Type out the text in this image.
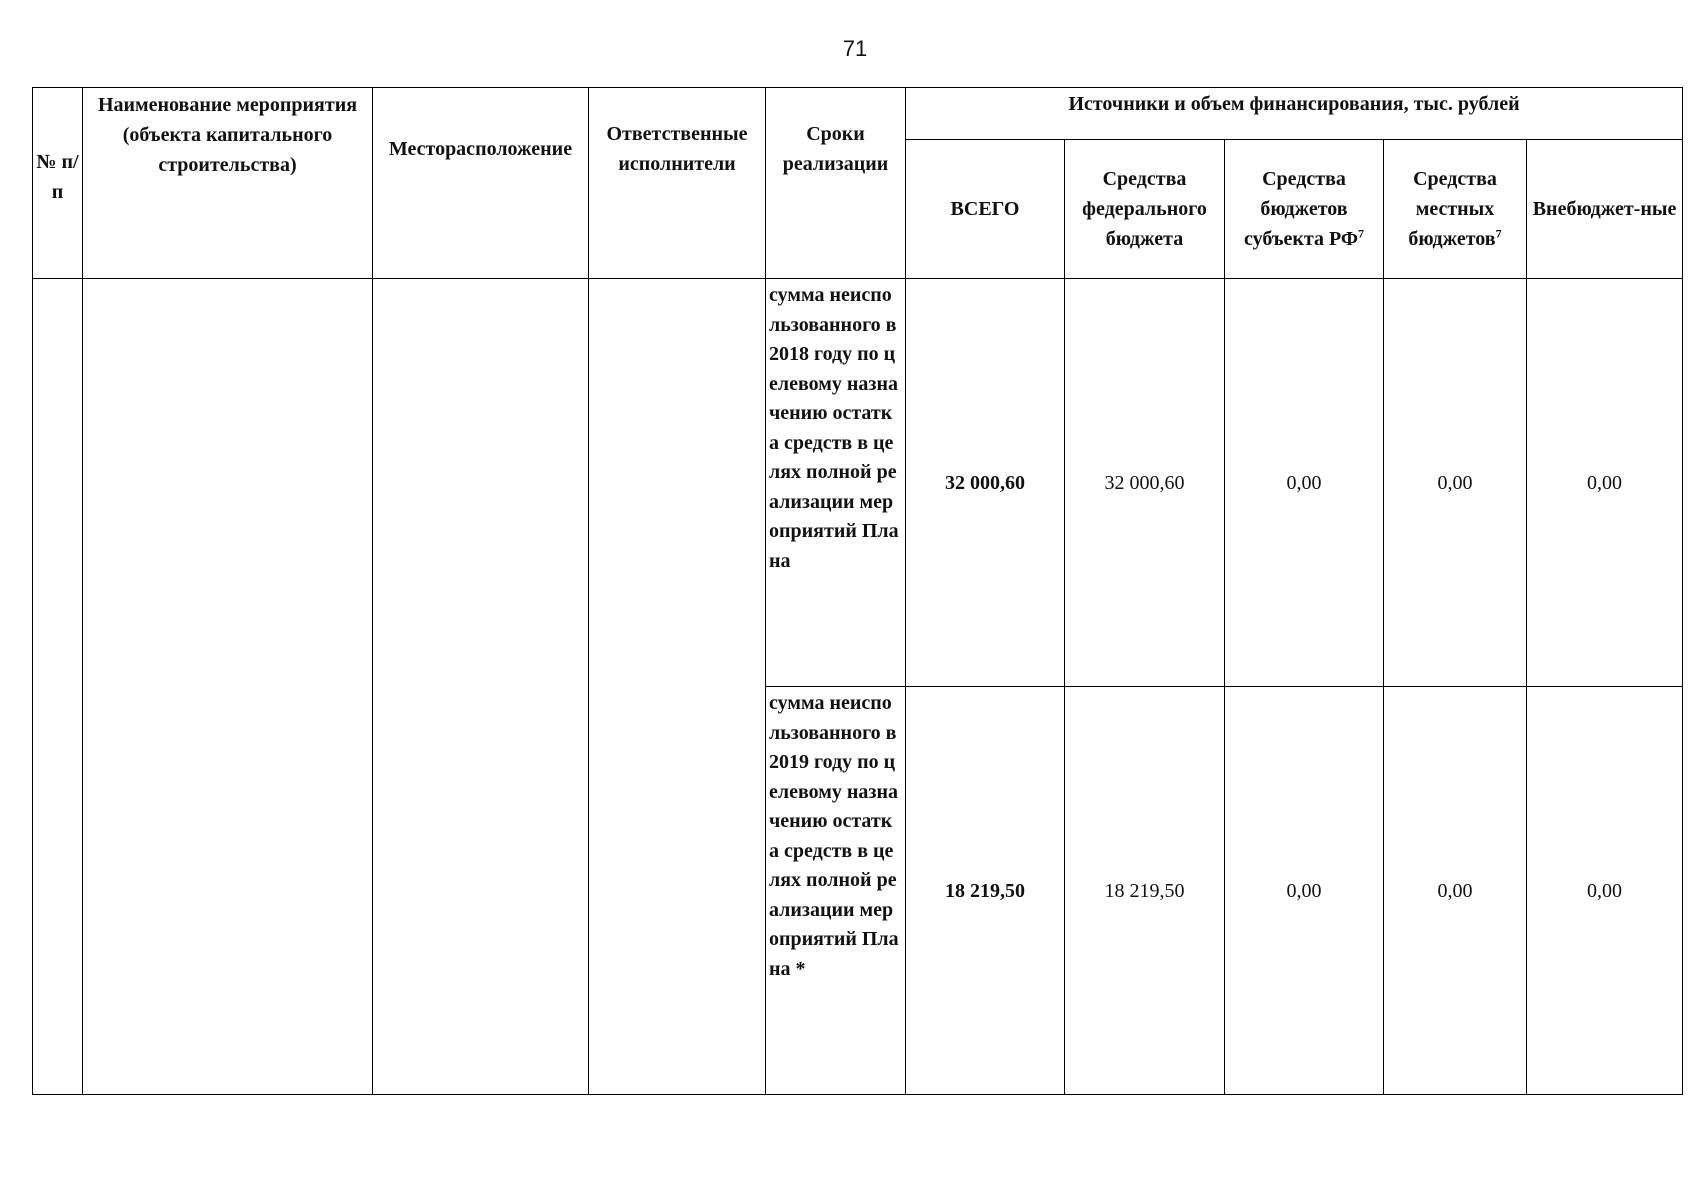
71
№ п/п	Наименование мероприятия (объекта капитального строительства)	Месторасположение	Ответственные исполнители	Сроки реализации	Источники и объем финансирования, тыс. рублей				
					ВСЕГО	Средства федерального бюджета	Средства бюджетов субъекта $РФ^7$	Средства местных бюджетов$^7$	Внебюджет-ные

				сумма неиспользованного в 2018 году по целевому назначению остатка средств в целях полной реализации мероприятий Плана	32 000,60	32 000,60	0,00	0,00	0,00

				сумма неиспользованного в 2019 году по целевому назначению остатка средств в целях полной реализации мероприятий Плана *	18 219,50	18 219,50	0,00	0,00	0,00
